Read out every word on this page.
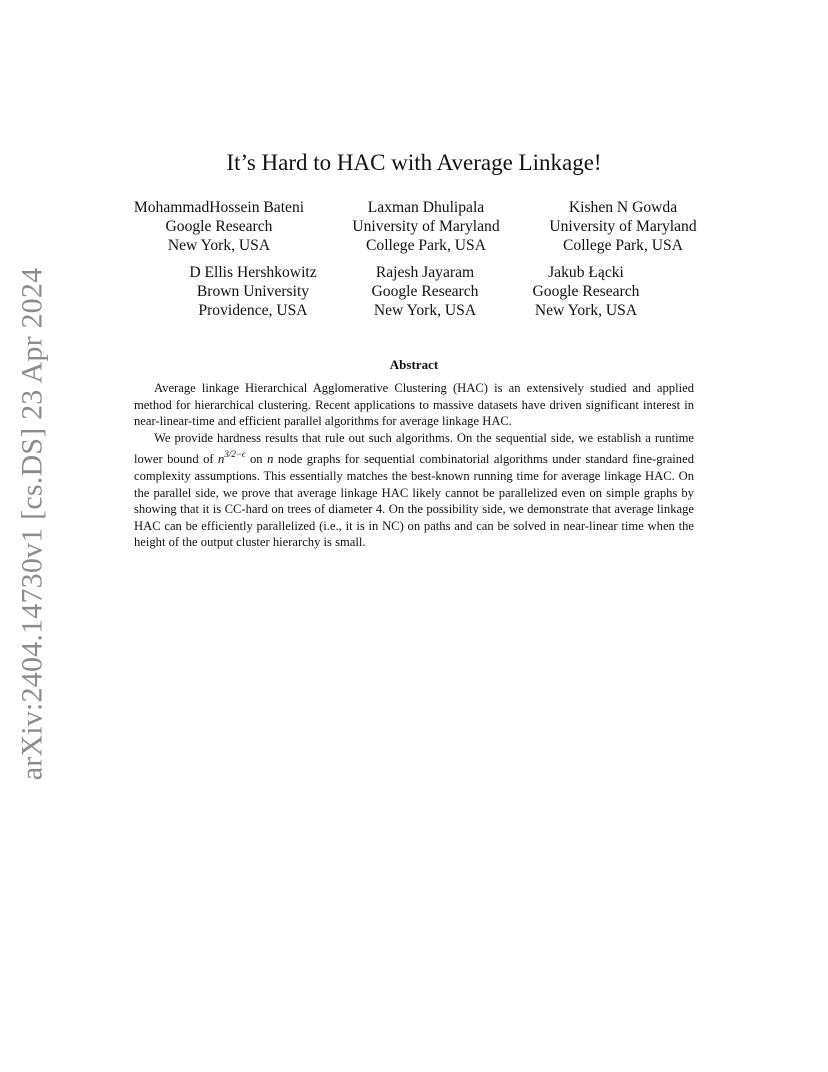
arXiv:2404.14730v1 [cs.DS] 23 Apr 2024
It’s Hard to HAC with Average Linkage!
MohammadHossein Bateni
Google Research
New York, USA
Laxman Dhulipala
University of Maryland
College Park, USA
Kishen N Gowda
University of Maryland
College Park, USA
D Ellis Hershkowitz
Brown University
Providence, USA
Rajesh Jayaram
Google Research
New York, USA
Jakub Łącki
Google Research
New York, USA
Abstract

Average linkage Hierarchical Agglomerative Clustering (HAC) is an extensively studied and applied method for hierarchical clustering. Recent applications to massive datasets have driven significant interest in near-linear-time and efficient parallel algorithms for average linkage HAC.

We provide hardness results that rule out such algorithms. On the sequential side, we establish a runtime lower bound of $n^{3/2-\epsilon}$ on n node graphs for sequential combinatorial algorithms under standard fine-grained complexity assumptions. This essentially matches the best-known running time for average linkage HAC. On the parallel side, we prove that average linkage HAC likely cannot be parallelized even on simple graphs by showing that it is CC-hard on trees of diameter 4. On the possibility side, we demonstrate that average linkage HAC can be efficiently parallelized (i.e., it is in NC) on paths and can be solved in near-linear time when the height of the output cluster hierarchy is small.
